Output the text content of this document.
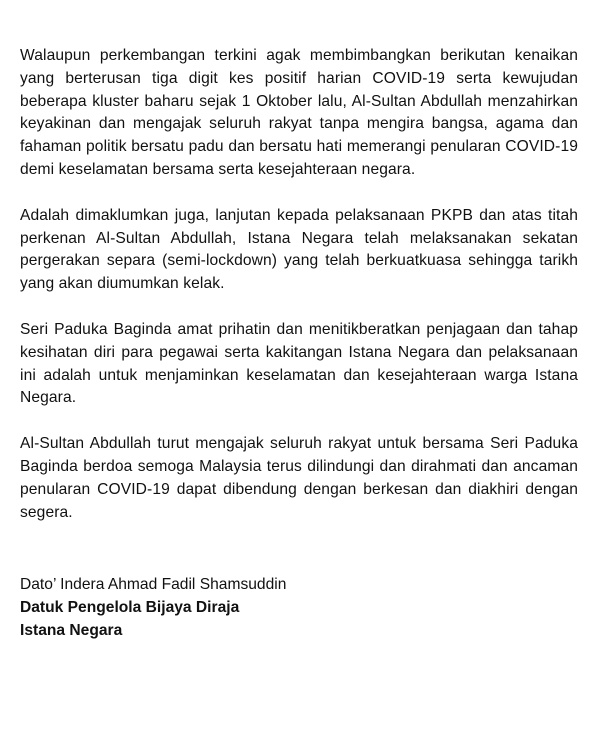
Walaupun perkembangan terkini agak membimbangkan berikutan kenaikan yang berterusan tiga digit kes positif harian COVID-19 serta kewujudan beberapa kluster baharu sejak 1 Oktober lalu, Al-Sultan Abdullah menzahirkan keyakinan dan mengajak seluruh rakyat tanpa mengira bangsa, agama dan fahaman politik bersatu padu dan bersatu hati memerangi penularan COVID-19 demi keselamatan bersama serta kesejahteraan negara.

Adalah dimaklumkan juga, lanjutan kepada pelaksanaan PKPB dan atas titah perkenan Al-Sultan Abdullah, Istana Negara telah melaksanakan sekatan pergerakan separa (semi-lockdown) yang telah berkuatkuasa sehingga tarikh yang akan diumumkan kelak.

Seri Paduka Baginda amat prihatin dan menitikberatkan penjagaan dan tahap kesihatan diri para pegawai serta kakitangan Istana Negara dan pelaksanaan ini adalah untuk menjaminkan keselamatan dan kesejahteraan warga Istana Negara.

Al-Sultan Abdullah turut mengajak seluruh rakyat untuk bersama Seri Paduka Baginda berdoa semoga Malaysia terus dilindungi dan dirahmati dan ancaman penularan COVID-19 dapat dibendung dengan berkesan dan diakhiri dengan segera.

Dato’ Indera Ahmad Fadil Shamsuddin
Datuk Pengelola Bijaya Diraja
Istana Negara
